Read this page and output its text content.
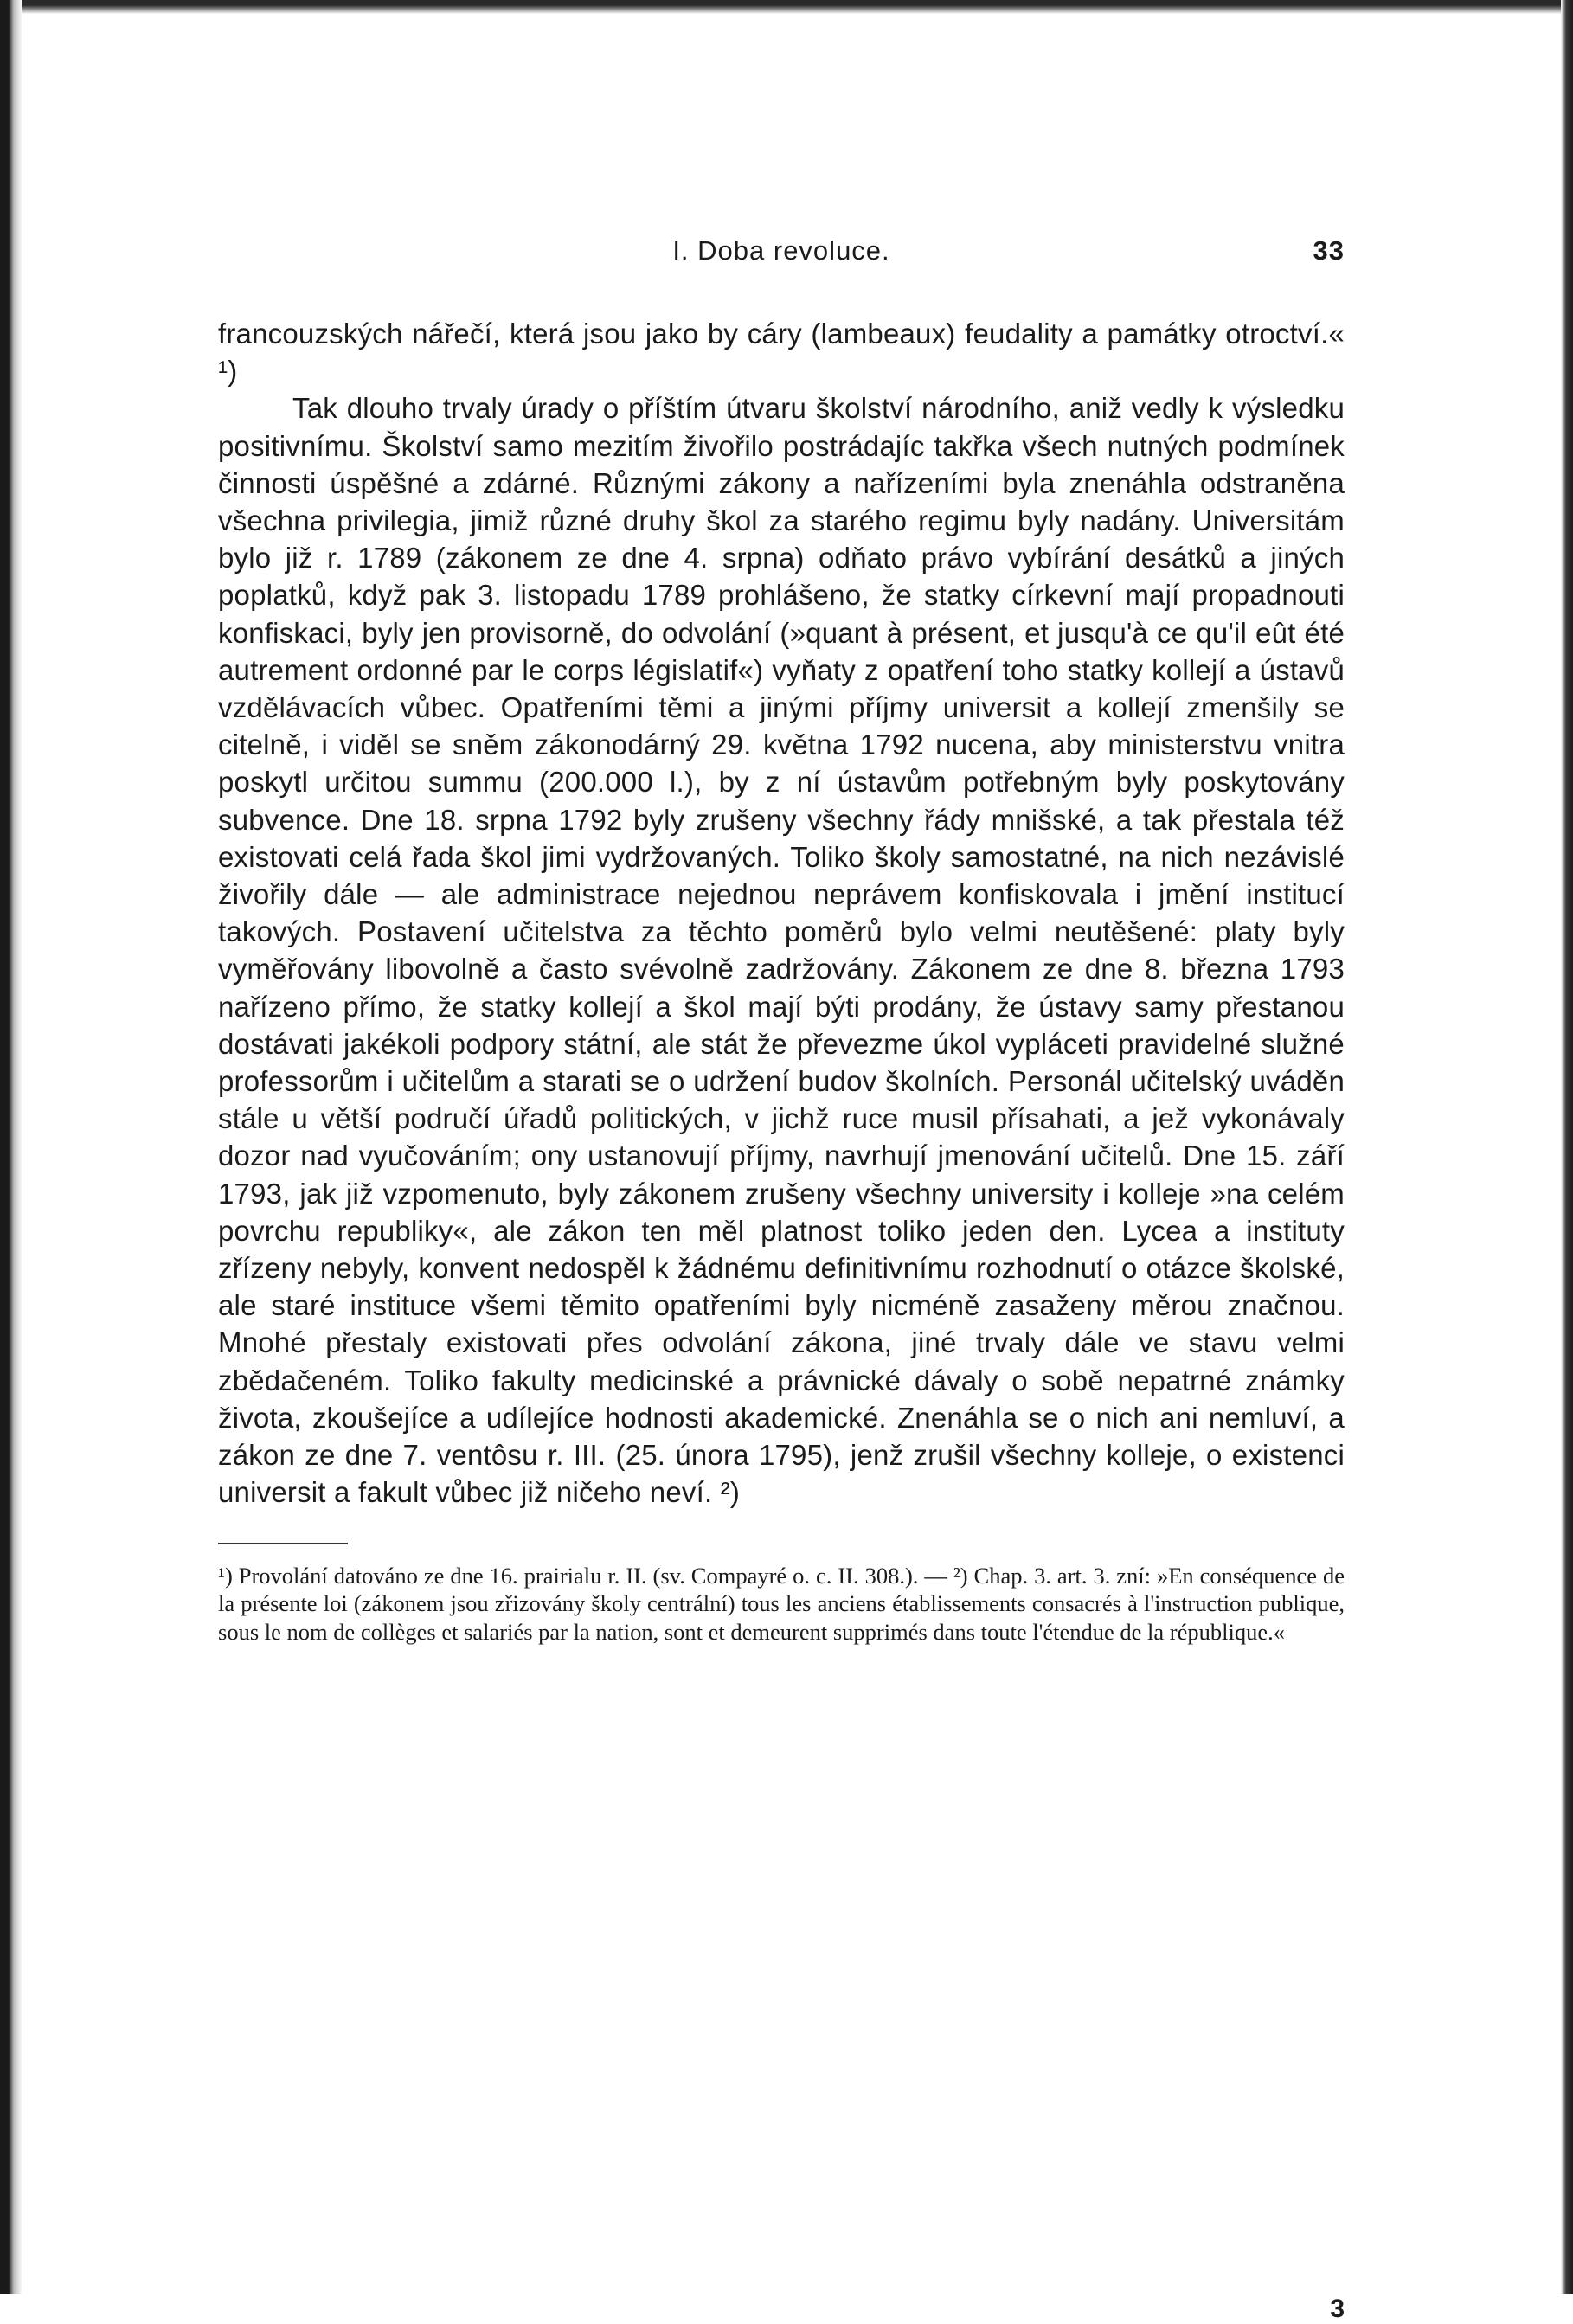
I. Doba revoluce.	33

francouzských nářečí, která jsou jako by cáry (lambeaux) feudality a památky otroctví.« ¹)

Tak dlouho trvaly úrady o příštím útvaru školství národního, aniž vedly k výsledku positivnímu. Školství samo mezitím živořilo postrádajíc takřka všech nutných podmínek činnosti úspěšné a zdárné. Různými zákony a nařízeními byla znenáhla odstraněna všechna privilegia, jimiž různé druhy škol za starého regimu byly nadány. Universitám bylo již r. 1789 (zákonem ze dne 4. srpna) odňato právo vybírání desátků a jiných poplatků, když pak 3. listopadu 1789 prohlášeno, že statky církevní mají propadnouti konfiskaci, byly jen provisorně, do odvolání (»quant à présent, et jusqu'à ce qu'il eût été autrement ordonné par le corps législatif«) vyňaty z opatření toho statky kollejí a ústavů vzdělávacích vůbec. Opatřeními těmi a jinými příjmy universit a kollejí zmenšily se citelně, i viděl se sněm zákonodárný 29. května 1792 nucena, aby ministerstvu vnitra poskytl určitou summu (200.000 l.), by z ní ústavům potřebným byly poskytovány subvence. Dne 18. srpna 1792 byly zrušeny všechny řády mnišské, a tak přestala též existovati celá řada škol jimi vydržovaných. Toliko školy samostatné, na nich nezávislé živořily dále — ale administrace nejednou neprávem konfiskovala i jmění institucí takových. Postavení učitelstva za těchto poměrů bylo velmi neutěšené: platy byly vyměřovány libovolně a často svévolně zadržovány. Zákonem ze dne 8. března 1793 nařízeno přímo, že statky kollejí a škol mají býti prodány, že ústavy samy přestanou dostávati jakékoli podpory státní, ale stát že převezme úkol vypláceti pravidelné služné professorům i učitelům a starati se o udržení budov školních. Personál učitelský uváděn stále u větší područí úřadů politických, v jichž ruce musil přísahati, a jež vykonávaly dozor nad vyučováním; ony ustanovují příjmy, navrhují jmenování učitelů. Dne 15. září 1793, jak již vzpomenuto, byly zákonem zrušeny všechny university i kolleje »na celém povrchu republiky«, ale zákon ten měl platnost toliko jeden den. Lycea a instituty zřízeny nebyly, konvent nedospěl k žádnému definitivnímu rozhodnutí o otázce školské, ale staré instituce všemi těmito opatřeními byly nicméně zasaženy měrou značnou. Mnohé přestaly existovati přes odvolání zákona, jiné trvaly dále ve stavu velmi zbědačeném. Toliko fakulty medicinské a právnické dávaly o sobě nepatrné známky života, zkoušejíce a udílejíce hodnosti akademické. Znenáhla se o nich ani nemluví, a zákon ze dne 7. ventôsu r. III. (25. února 1795), jenž zrušil všechny kolleje, o existenci universit a fakult vůbec již ničeho neví. ²)

¹) Provolání datováno ze dne 16. prairialu r. II. (sv. Compayré o. c. II. 308.). — ²) Chap. 3. art. 3. zní: »En conséquence de la présente loi (zákonem jsou zřizovány školy centrální) tous les anciens établissements consacrés à l'instruction publique, sous le nom de collèges et salariés par la nation, sont et demeurent supprimés dans toute l'étendue de la république.«

3
